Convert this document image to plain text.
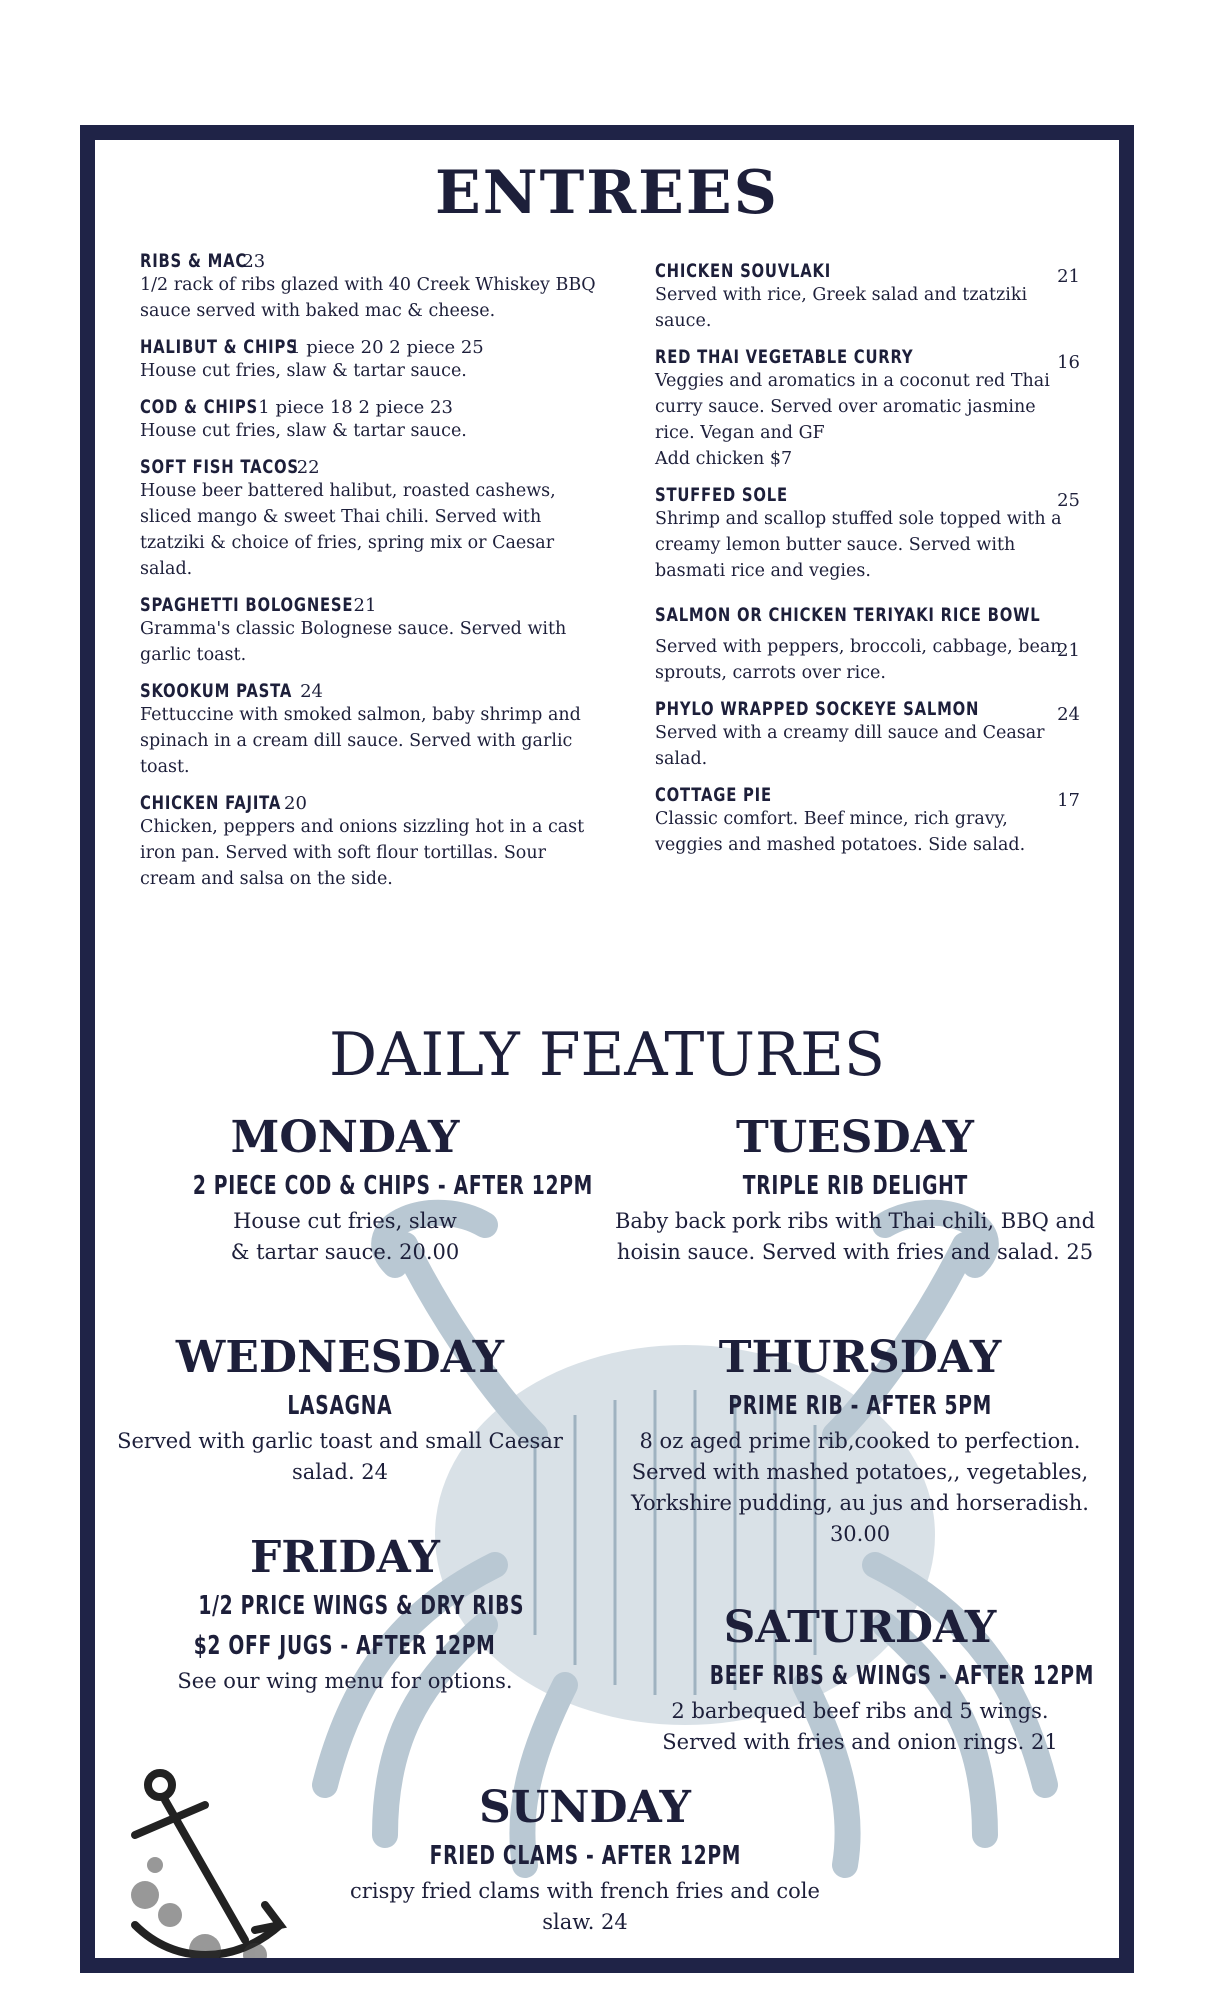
ENTREES
RIBS & MAC 23
1/2 rack of ribs glazed with 40 Creek Whiskey BBQ sauce served with baked mac & cheese.
HALIBUT & CHIPS 1 piece 20 2 piece 25
House cut fries, slaw & tartar sauce.
COD & CHIPS 1 piece 18 2 piece 23
House cut fries, slaw & tartar sauce.
SOFT FISH TACOS 22
House beer battered halibut, roasted cashews, sliced mango & sweet Thai chili. Served with tzatziki & choice of fries, spring mix or Caesar salad.
SPAGHETTI BOLOGNESE 21
Gramma's classic Bolognese sauce. Served with garlic toast.
SKOOKUM PASTA 24
Fettuccine with smoked salmon, baby shrimp and spinach in a cream dill sauce. Served with garlic toast.
CHICKEN FAJITA 20
Chicken, peppers and onions sizzling hot in a cast iron pan. Served with soft flour tortillas. Sour cream and salsa on the side.
CHICKEN SOUVLAKI	21
Served with rice, Greek salad and tzatziki sauce.
RED THAI VEGETABLE CURRY	16
Veggies and aromatics in a coconut red Thai curry sauce. Served over aromatic jasmine rice. Vegan and GF
Add chicken $7
STUFFED SOLE	25
Shrimp and scallop stuffed sole topped with a creamy lemon butter sauce. Served with basmati rice and vegies.
SALMON OR CHICKEN TERIYAKI RICE BOWL
21
Served with peppers, broccoli, cabbage, bean sprouts, carrots over rice.
PHYLO WRAPPED SOCKEYE SALMON	24
Served with a creamy dill sauce and Ceasar salad.
COTTAGE PIE	17
Classic comfort. Beef mince, rich gravy, veggies and mashed potatoes. Side salad.
DAILY FEATURES
MONDAY
2 PIECE COD & CHIPS - AFTER 12PM
House cut fries, slaw & tartar sauce. 20.00
TUESDAY
TRIPLE RIB DELIGHT
Baby back pork ribs with Thai chili, BBQ and hoisin sauce. Served with fries and salad. 25
WEDNESDAY
LASAGNA
Served with garlic toast and small Caesar salad. 24
THURSDAY
PRIME RIB - AFTER 5PM
8 oz aged prime rib,cooked to perfection. Served with mashed potatoes,, vegetables, Yorkshire pudding, au jus and horseradish. 30.00
FRIDAY
1/2 PRICE WINGS & DRY RIBS $2 OFF JUGS - AFTER 12PM
See our wing menu for options.
SATURDAY
BEEF RIBS & WINGS - AFTER 12PM
2 barbequed beef ribs and 5 wings. Served with fries and onion rings. 21
SUNDAY
FRIED CLAMS - AFTER 12PM
crispy fried clams with french fries and cole slaw. 24
